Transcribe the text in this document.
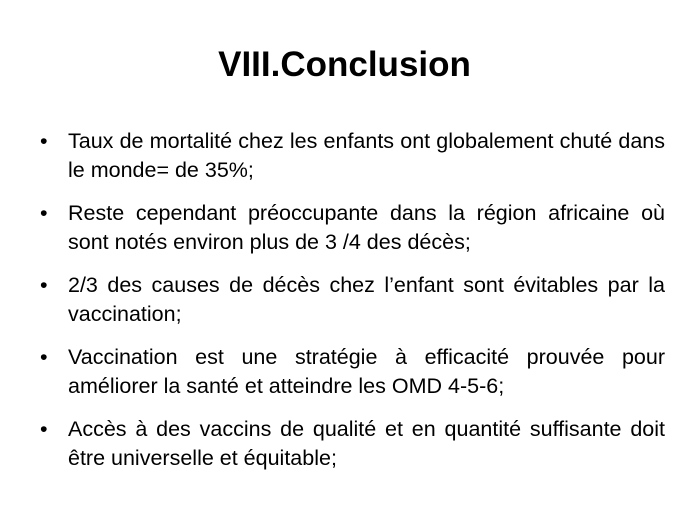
VIII.Conclusion
• Taux de mortalité chez les enfants ont globalement chuté dans le monde= de 35%;
• Reste cependant préoccupante dans la région africaine où sont notés environ plus de 3 /4 des décès;
• 2/3 des causes de décès chez l’enfant sont évitables par la vaccination;
• Vaccination est une stratégie à efficacité prouvée pour améliorer la santé et atteindre les OMD 4-5-6;
• Accès à des vaccins de qualité et en quantité suffisante doit être universelle et équitable;
